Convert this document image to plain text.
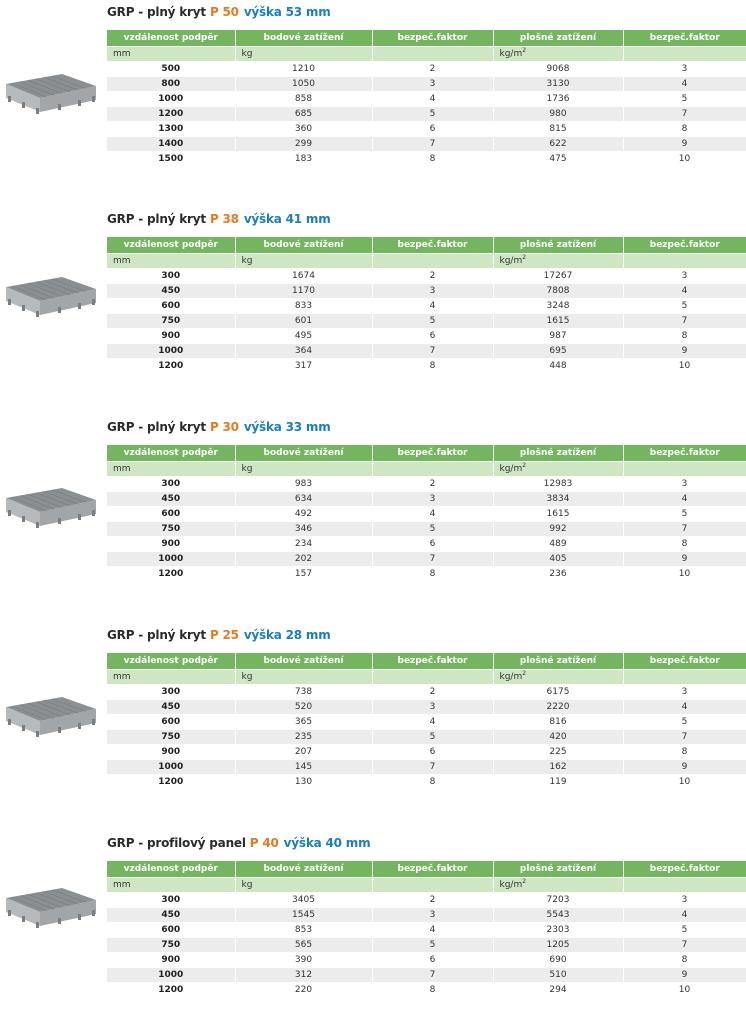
GRP - plný kryt P 50 výška 53 mm
vzdálenost podpěr	bodové zatížení	bezpeč.faktor	plošné zatížení	bezpeč.faktor
mm	kg		$kg/m^2$	
500	1210	2	9068	3
800	1050	3	3130	4
1000	858	4	1736	5
1200	685	5	980	7
1300	360	6	815	8
1400	299	7	622	9
1500	183	8	475	10
GRP - plný kryt P 38 výška 41 mm
vzdálenost podpěr	bodové zatížení	bezpeč.faktor	plošné zatížení	bezpeč.faktor
mm	kg		$kg/m^2$	
300	1674	2	17267	3
450	1170	3	7808	4
600	833	4	3248	5
750	601	5	1615	7
900	495	6	987	8
1000	364	7	695	9
1200	317	8	448	10
GRP - plný kryt P 30 výška 33 mm
vzdálenost podpěr	bodové zatížení	bezpeč.faktor	plošné zatížení	bezpeč.faktor
mm	kg		$kg/m^2$	
300	983	2	12983	3
450	634	3	3834	4
600	492	4	1615	5
750	346	5	992	7
900	234	6	489	8
1000	202	7	405	9
1200	157	8	236	10
GRP - plný kryt P 25 výška 28 mm
vzdálenost podpěr	bodové zatížení	bezpeč.faktor	plošné zatížení	bezpeč.faktor
mm	kg		$kg/m^2$	
300	738	2	6175	3
450	520	3	2220	4
600	365	4	816	5
750	235	5	420	7
900	207	6	225	8
1000	145	7	162	9
1200	130	8	119	10
GRP - profilový panel P 40 výška 40 mm
vzdálenost podpěr	bodové zatížení	bezpeč.faktor	plošné zatížení	bezpeč.faktor
mm	kg		$kg/m^2$	
300	3405	2	7203	3
450	1545	3	5543	4
600	853	4	2303	5
750	565	5	1205	7
900	390	6	690	8
1000	312	7	510	9
1200	220	8	294	10
